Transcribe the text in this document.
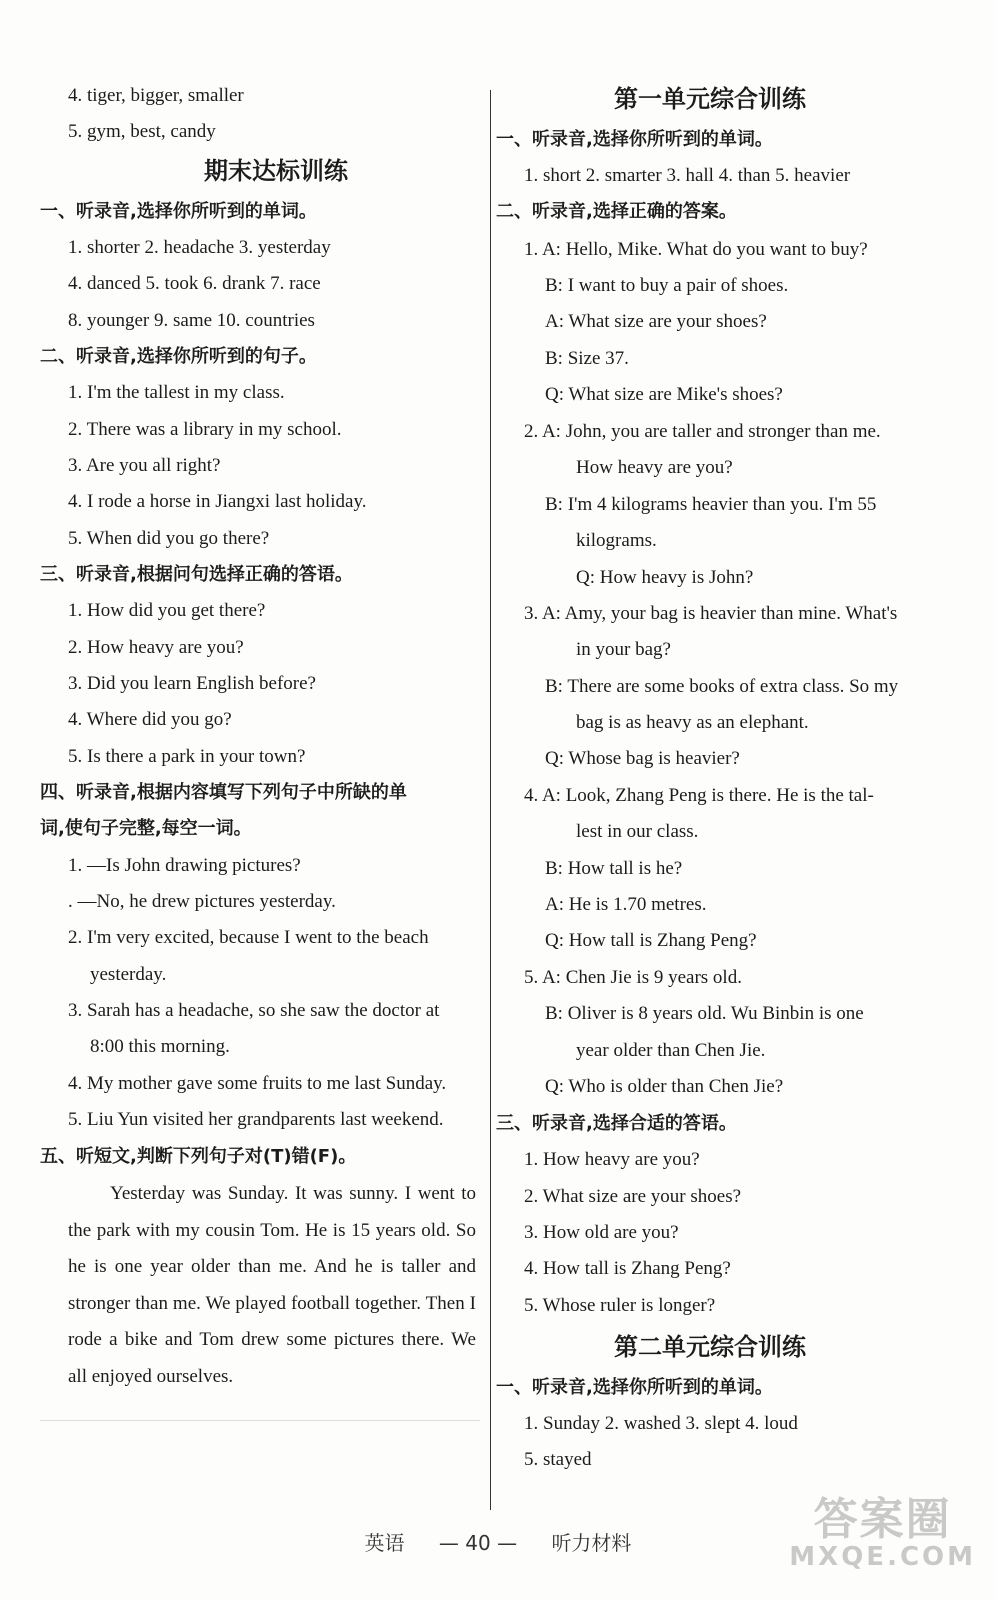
4. tiger, bigger, smaller
5. gym, best, candy
期末达标训练
一、听录音,选择你所听到的单词。
1. shorter 2. headache 3. yesterday
4. danced 5. took 6. drank 7. race
8. younger 9. same 10. countries
二、听录音,选择你所听到的句子。
1. I'm the tallest in my class.
2. There was a library in my school.
3. Are you all right?
4. I rode a horse in Jiangxi last holiday.
5. When did you go there?
三、听录音,根据问句选择正确的答语。
1. How did you get there?
2. How heavy are you?
3. Did you learn English before?
4. Where did you go?
5. Is there a park in your town?
四、听录音,根据内容填写下列句子中所缺的单
词,使句子完整,每空一词。
1. —Is John drawing pictures?
. —No, he drew pictures yesterday.
2. I'm very excited, because I went to the beach
yesterday.
3. Sarah has a headache, so she saw the doctor at
8:00 this morning.
4. My mother gave some fruits to me last Sunday.
5. Liu Yun visited her grandparents last weekend.
五、听短文,判断下列句子对(T)错(F)。
Yesterday was Sunday. It was sunny. I went to the park with my cousin Tom. He is 15 years old. So he is one year older than me. And he is taller and stronger than me. We played football together. Then I rode a bike and Tom drew some pictures there. We all enjoyed ourselves.
第一单元综合训练
一、听录音,选择你所听到的单词。
1. short 2. smarter 3. hall 4. than 5. heavier
二、听录音,选择正确的答案。
1. A: Hello, Mike. What do you want to buy?
B: I want to buy a pair of shoes.
A: What size are your shoes?
B: Size 37.
Q: What size are Mike's shoes?
2. A: John, you are taller and stronger than me.
How heavy are you?
B: I'm 4 kilograms heavier than you. I'm 55
kilograms.
Q: How heavy is John?
3. A: Amy, your bag is heavier than mine. What's
in your bag?
B: There are some books of extra class. So my
bag is as heavy as an elephant.
Q: Whose bag is heavier?
4. A: Look, Zhang Peng is there. He is the tal-
lest in our class.
B: How tall is he?
A: He is 1.70 metres.
Q: How tall is Zhang Peng?
5. A: Chen Jie is 9 years old.
B: Oliver is 8 years old. Wu Binbin is one
year older than Chen Jie.
Q: Who is older than Chen Jie?
三、听录音,选择合适的答语。
1. How heavy are you?
2. What size are your shoes?
3. How old are you?
4. How tall is Zhang Peng?
5. Whose ruler is longer?
第二单元综合训练
一、听录音,选择你所听到的单词。
1. Sunday 2. washed 3. slept 4. loud
5. stayed
英语 — 40 — 听力材料	答案圈
MXQE.COM
